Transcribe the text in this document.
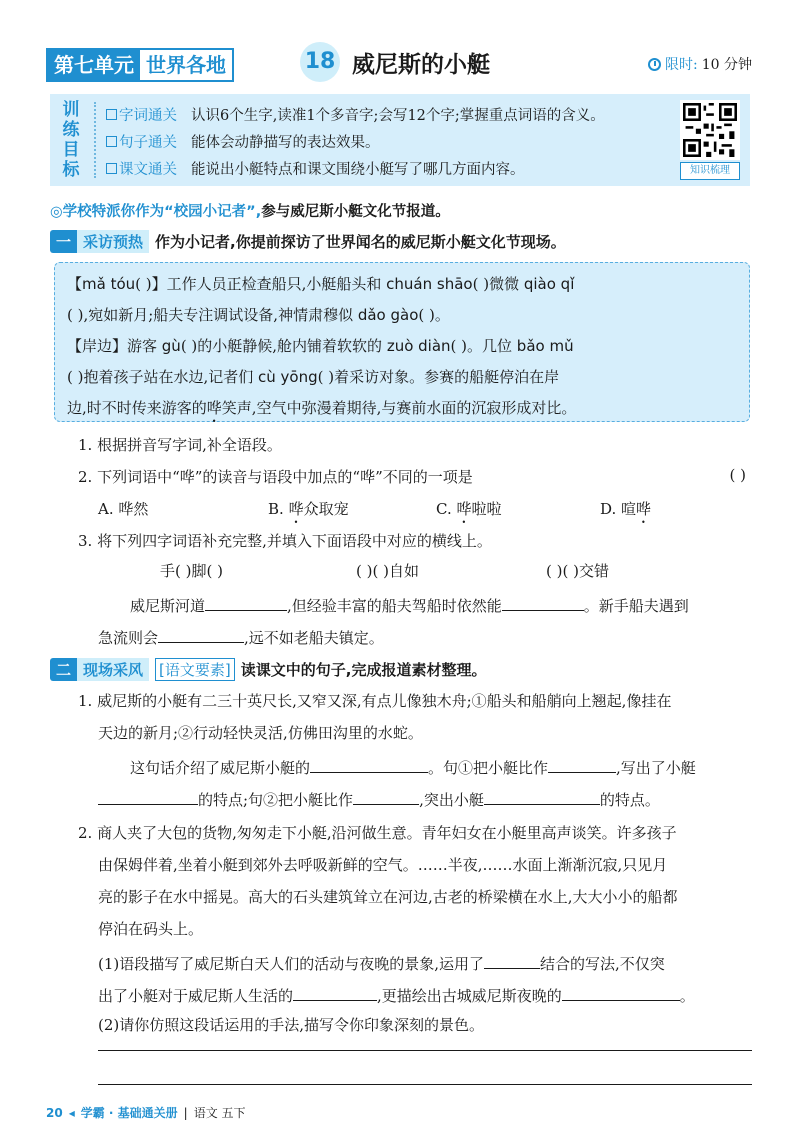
第七单元 世界各地	18 威尼斯的小艇	限时: 10 分钟
训练目标
字词通关 认识6个生字,读准1个多音字;会写12个字;掌握重点词语的含义。
句子通关 能体会动静描写的表达效果。
课文通关 能说出小艇特点和课文围绕小艇写了哪几方面内容。	知识梳理
◎学校特派你作为“校园小记者”,参与威尼斯小艇文化节报道。
一 采访预热 作为小记者,你提前探访了世界闻名的威尼斯小艇文化节现场。

【mǎ tóu( )】工作人员正检查船只,小艇船头和 chuán shāo( )微微 qiào qǐ

( ),宛如新月;船夫专注调试设备,神情肃穆似 dǎo gào( )。

【岸边】游客 gù( )的小艇静候,舱内铺着软软的 zuò diàn( )。几位 bǎo mǔ

( )抱着孩子站在水边,记者们 cù yōng( )着采访对象。参赛的船艇停泊在岸

边,时不时传来游客的哗笑声,空气中弥漫着期待,与赛前水面的沉寂形成对比。

1. 根据拼音写字词,补全语段。
2. 下列词语中“哗”的读音与语段中加点的“哗”不同的一项是	( )
A. 哗然	B. 哗众取宠	C. 哗啦啦	D. 喧哗
3. 将下列四字词语补充完整,并填入下面语段中对应的横线上。
手( )脚( )	( )( )自如	( )( )交错
威尼斯河道	,但经验丰富的船夫驾船时依然能	。新手船夫遇到
急流则会	,远不如老船夫镇定。
二 现场采风	[语文要素] 读课文中的句子,完成报道素材整理。
1. 威尼斯的小艇有二三十英尺长,又窄又深,有点儿像独木舟;①船头和船艄向上翘起,像挂在
天边的新月;②行动轻快灵活,仿佛田沟里的水蛇。
这句话介绍了威尼斯小艇的	。句①把小艇比作	,写出了小艇
的特点;句②把小艇比作	,突出小艇	的特点。
2. 商人夹了大包的货物,匆匆走下小艇,沿河做生意。青年妇女在小艇里高声谈笑。许多孩子
由保姆伴着,坐着小艇到郊外去呼吸新鲜的空气。……半夜,……水面上渐渐沉寂,只见月
亮的影子在水中摇晃。高大的石头建筑耸立在河边,古老的桥梁横在水上,大大小小的船都
停泊在码头上。
(1)语段描写了威尼斯白天人们的活动与夜晚的景象,运用了	结合的写法,不仅突
出了小艇对于威尼斯人生活的	,更描绘出古城威尼斯夜晚的	。
(2)请你仿照这段话运用的手法,描写令你印象深刻的景色。
20 ◂ 学霸 · 基础通关册 | 语文 五下
